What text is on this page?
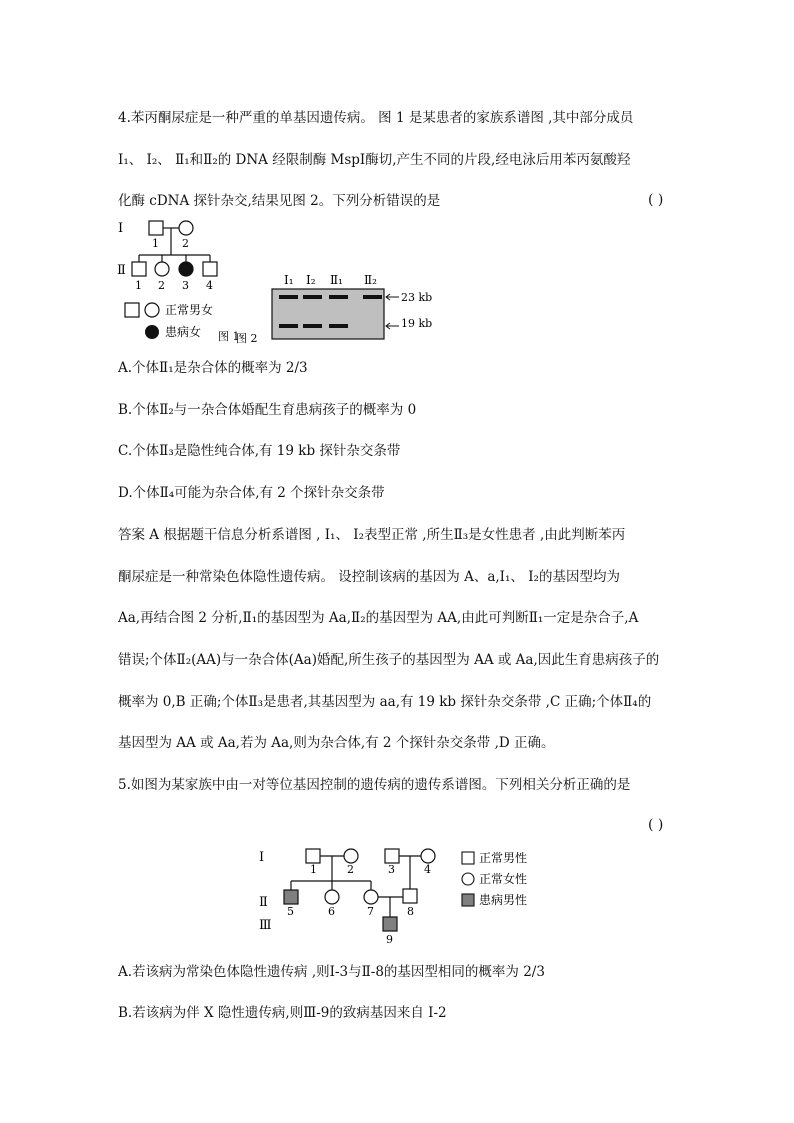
4.苯丙酮尿症是一种严重的单基因遗传病。 图 1 是某患者的家族系谱图 ,其中部分成员
Ⅰ₁、 Ⅰ₂、 Ⅱ₁和Ⅱ₂的 DNA 经限制酶 MspⅠ酶切,产生不同的片段,经电泳后用苯丙氨酸羟
化酶 cDNA 探针杂交,结果见图 2。下列分析错误的是	( )
Ⅰ
1 2
Ⅱ
1 2 3 4
正常男女
患病女 图 1
图 2
Ⅰ₁ Ⅰ₂ Ⅱ₁ Ⅱ₂
23 kb
19 kb
A.个体Ⅱ₁是杂合体的概率为 2/3
B.个体Ⅱ₂与一杂合体婚配生育患病孩子的概率为 0
C.个体Ⅱ₃是隐性纯合体,有 19 kb 探针杂交条带
D.个体Ⅱ₄可能为杂合体,有 2 个探针杂交条带
答案 A 根据题干信息分析系谱图 , Ⅰ₁、 Ⅰ₂表型正常 ,所生Ⅱ₃是女性患者 ,由此判断苯丙
酮尿症是一种常染色体隐性遗传病。 设控制该病的基因为 A、a,Ⅰ₁、 Ⅰ₂的基因型均为
Aa,再结合图 2 分析,Ⅱ₁的基因型为 Aa,Ⅱ₂的基因型为 AA,由此可判断Ⅱ₁一定是杂合子,A
错误;个体Ⅱ₂(AA)与一杂合体(Aa)婚配,所生孩子的基因型为 AA 或 Aa,因此生育患病孩子的
概率为 0,B 正确;个体Ⅱ₃是患者,其基因型为 aa,有 19 kb 探针杂交条带 ,C 正确;个体Ⅱ₄的
基因型为 AA 或 Aa,若为 Aa,则为杂合体,有 2 个探针杂交条带 ,D 正确。
5.如图为某家族中由一对等位基因控制的遗传病的遗传系谱图。下列相关分析正确的是
( )
Ⅰ
Ⅱ
Ⅲ
1	2	3	4
5	6	7	8
9
正常男性
正常女性
患病男性
A.若该病为常染色体隐性遗传病 ,则Ⅰ-3与Ⅱ-8的基因型相同的概率为 2/3
B.若该病为伴 X 隐性遗传病,则Ⅲ-9的致病基因来自 Ⅰ-2
